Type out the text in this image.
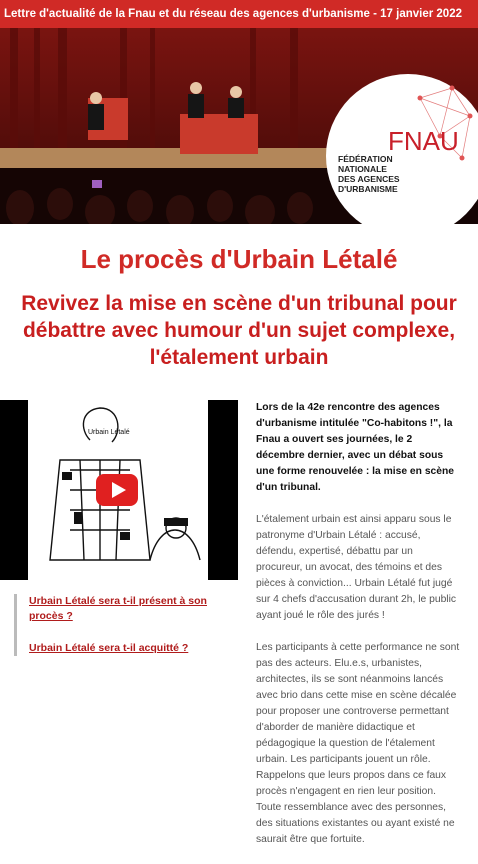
Lettre d'actualité de la Fnau et du réseau des agences d'urbanisme - 17 janvier 2022
FNAU
FÉDÉRATION
NATIONALE
DES AGENCES
D'URBANISME
Le procès d'Urbain Létalé
Revivez la mise en scène d'un tribunal pour débattre avec humour d'un sujet complexe, l'étalement urbain
Urbain Létalé
Urbain Létalé sera t-il présent à son procès ?
Urbain Létalé sera t-il acquitté ?

Lors de la 42e rencontre des agences d'urbanisme intitulée "Co-habitons !", la Fnau a ouvert ses journées, le 2 décembre dernier, avec un débat sous une forme renouvelée : la mise en scène d'un tribunal.

L'étalement urbain est ainsi apparu sous le patronyme d'Urbain Létalé : accusé, défendu, expertisé, débattu par un procureur, un avocat, des témoins et des pièces à conviction... Urbain Létalé fut jugé sur 4 chefs d'accusation durant 2h, le public ayant joué le rôle des jurés !

Les participants à cette performance ne sont pas des acteurs. Elu.e.s, urbanistes, architectes, ils se sont néanmoins lancés avec brio dans cette mise en scène décalée pour proposer une controverse permettant d'aborder de manière didactique et pédagogique la question de l'étalement urbain. Les participants jouent un rôle. Rappelons que leurs propos dans ce faux procès n'engagent en rien leur position. Toute ressemblance avec des personnes, des situations existantes ou ayant existé ne saurait être que fortuite.
